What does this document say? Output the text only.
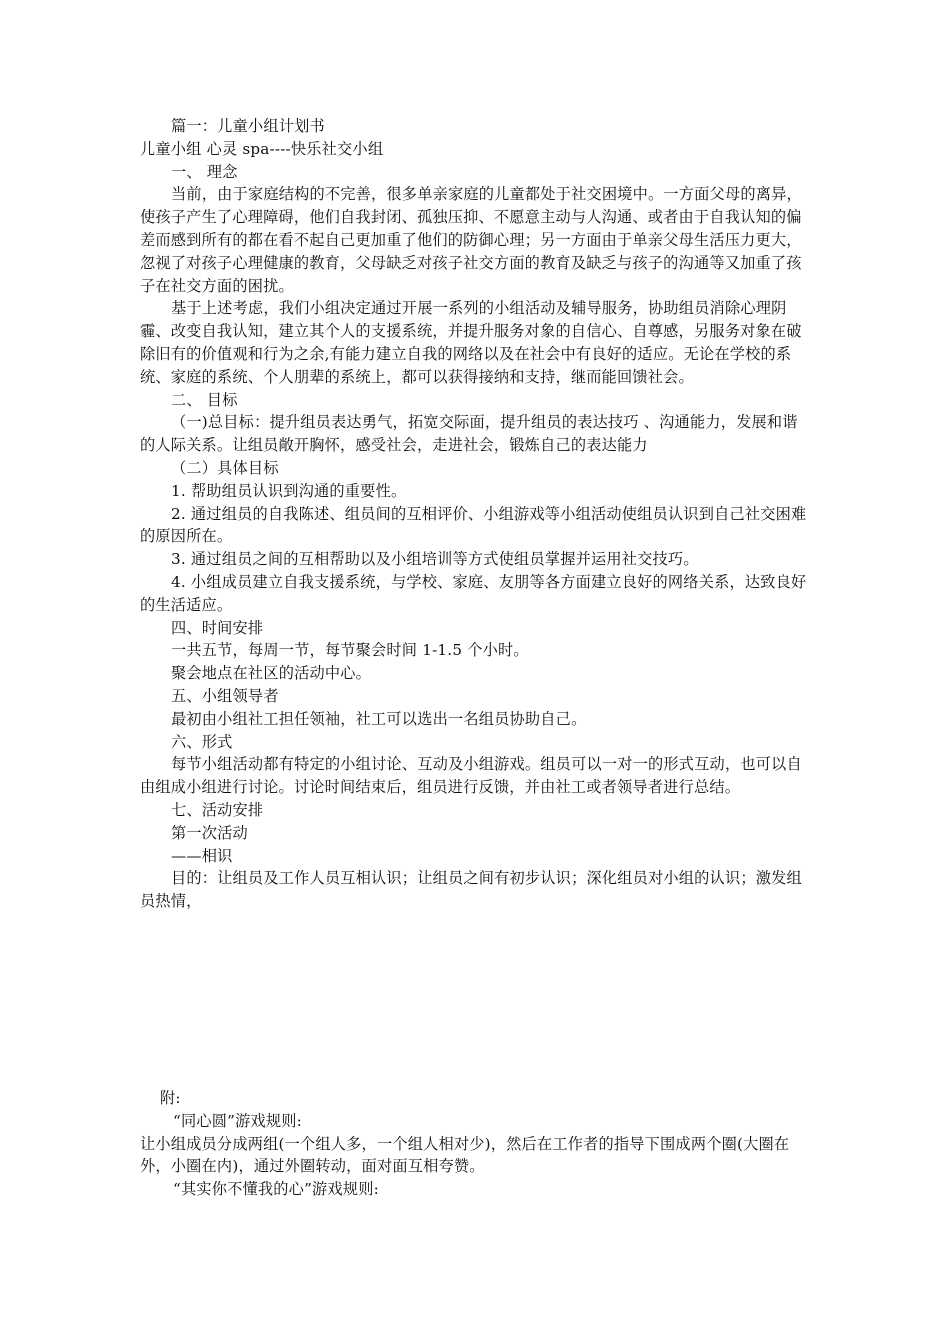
篇一：儿童小组计划书

儿童小组 心灵 spa----快乐社交小组

一、 理念

当前，由于家庭结构的不完善，很多单亲家庭的儿童都处于社交困境中。一方面父母的离异，使孩子产生了心理障碍，他们自我封闭、孤独压抑、不愿意主动与人沟通、或者由于自我认知的偏差而感到所有的都在看不起自己更加重了他们的防御心理；另一方面由于单亲父母生活压力更大，忽视了对孩子心理健康的教育，父母缺乏对孩子社交方面的教育及缺乏与孩子的沟通等又加重了孩子在社交方面的困扰。

基于上述考虑，我们小组决定通过开展一系列的小组活动及辅导服务，协助组员消除心理阴霾、改变自我认知，建立其个人的支援系统，并提升服务对象的自信心、自尊感，另服务对象在破除旧有的价值观和行为之余,有能力建立自我的网络以及在社会中有良好的适应。无论在学校的系统、家庭的系统、个人朋辈的系统上，都可以获得接纳和支持，继而能回馈社会。

二、 目标

（一)总目标：提升组员表达勇气，拓宽交际面，提升组员的表达技巧 、沟通能力，发展和谐的人际关系。让组员敞开胸怀，感受社会，走进社会，锻炼自己的表达能力

（二）具体目标

1. 帮助组员认识到沟通的重要性。

2. 通过组员的自我陈述、组员间的互相评价、小组游戏等小组活动使组员认识到自己社交困难的原因所在。

3. 通过组员之间的互相帮助以及小组培训等方式使组员掌握并运用社交技巧。

4. 小组成员建立自我支援系统，与学校、家庭、友朋等各方面建立良好的网络关系，达致良好的生活适应。

四、时间安排

一共五节，每周一节，每节聚会时间 1-1.5 个小时。

聚会地点在社区的活动中心。

五、小组领导者

最初由小组社工担任领袖，社工可以选出一名组员协助自己。

六、形式

每节小组活动都有特定的小组讨论、互动及小组游戏。组员可以一对一的形式互动，也可以自由组成小组进行讨论。讨论时间结束后，组员进行反馈，并由社工或者领导者进行总结。

七、活动安排

第一次活动

——相识

目的：让组员及工作人员互相认识；让组员之间有初步认识；深化组员对小组的认识；激发组员热情，

附:

“同心圆”游戏规则:

让小组成员分成两组(一个组人多，一个组人相对少)，然后在工作者的指导下围成两个圈(大圈在外，小圈在内)，通过外圈转动，面对面互相夸赞。

“其实你不懂我的心”游戏规则:
